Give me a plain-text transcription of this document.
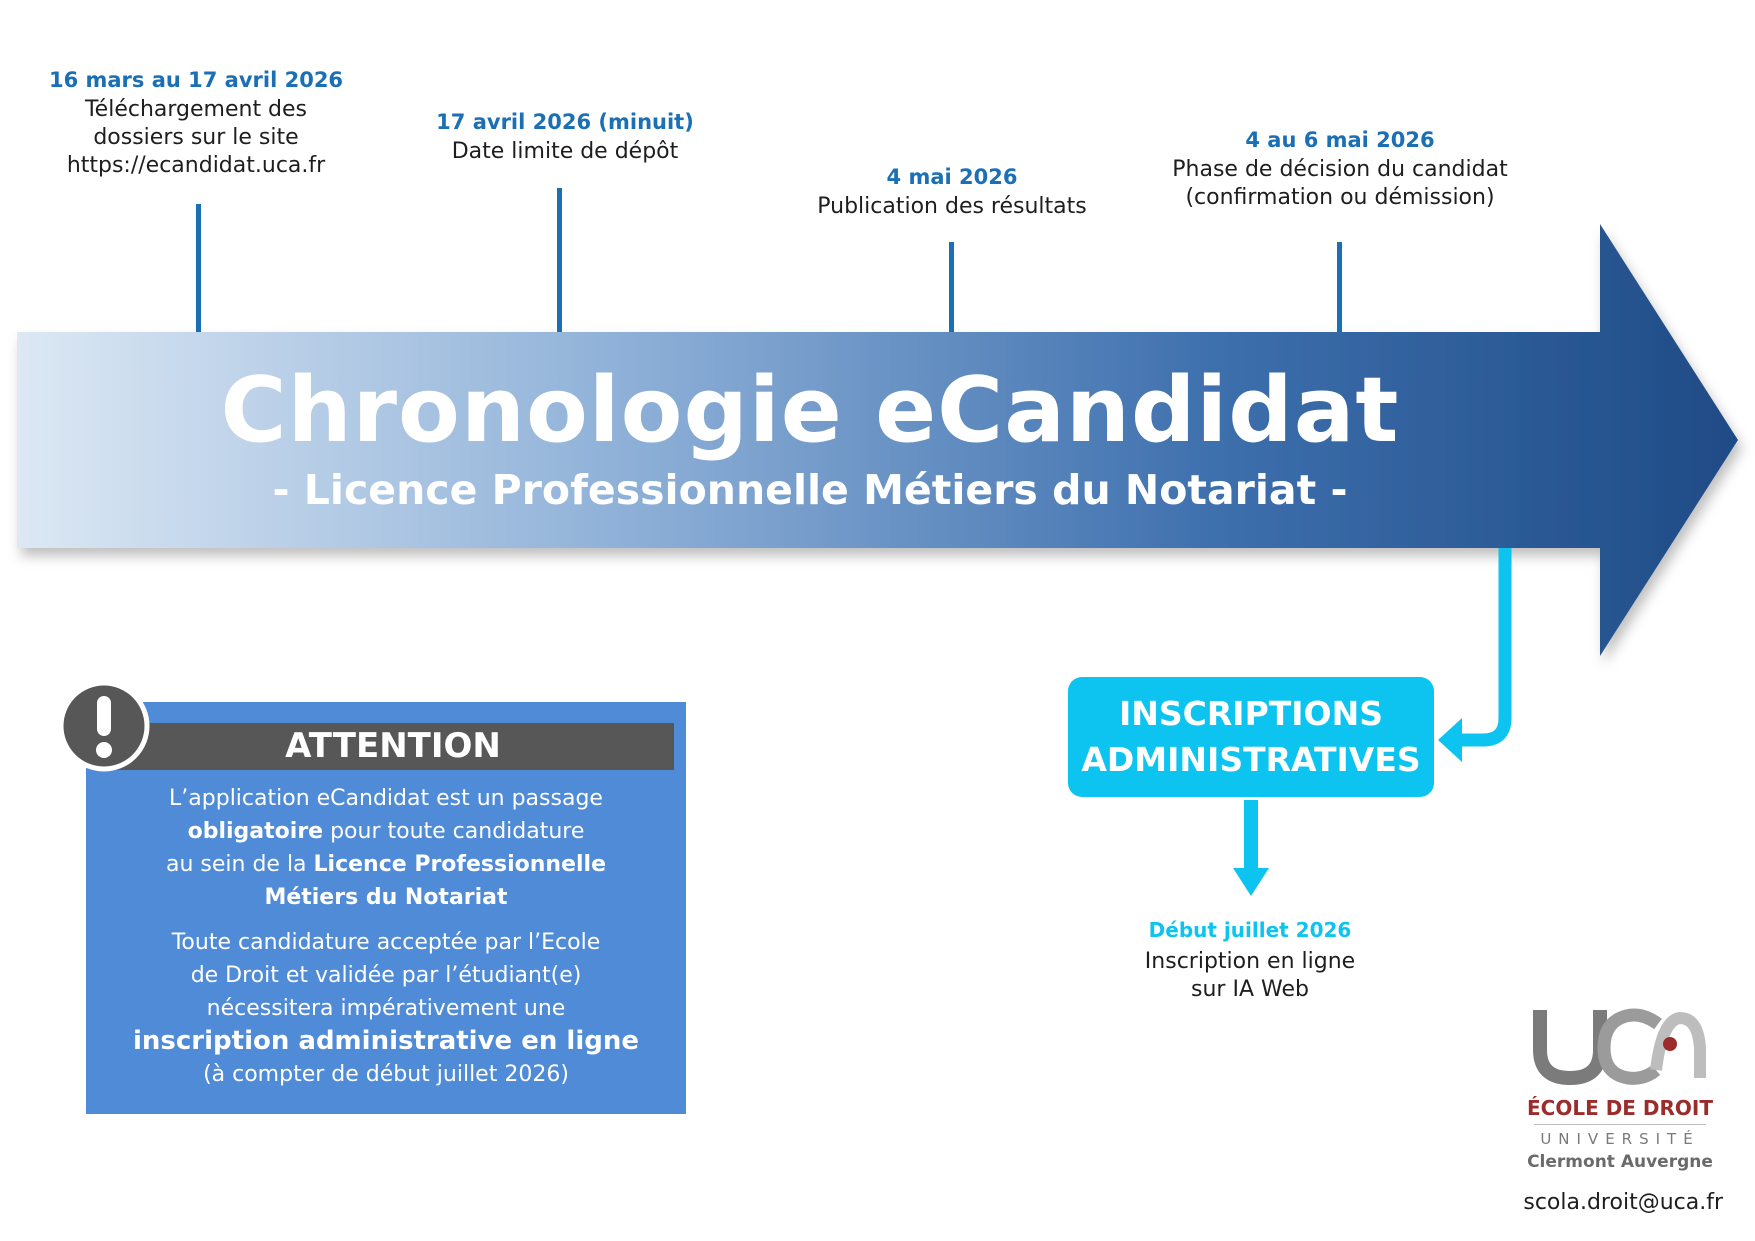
16 mars au 17 avril 2026
Téléchargement des
dossiers sur le site
https://ecandidat.uca.fr
17 avril 2026 (minuit)
Date limite de dépôt
4 mai 2026
Publication des résultats
4 au 6 mai 2026
Phase de décision du candidat
(confirmation ou démission)
Chronologie eCandidat
- Licence Professionnelle Métiers du Notariat -
ATTENTION
L’application eCandidat est un passage
obligatoire pour toute candidature
au sein de la Licence Professionnelle
Métiers du Notariat
Toute candidature acceptée par l’Ecole
de Droit et validée par l’étudiant(e)
nécessitera impérativement une
inscription administrative en ligne
(à compter de début juillet 2026)
INSCRIPTIONS
ADMINISTRATIVES
Début juillet 2026
Inscription en ligne
sur IA Web
ÉCOLE DE DROIT
UNIVERSITÉ
Clermont Auvergne
scola.droit@uca.fr
